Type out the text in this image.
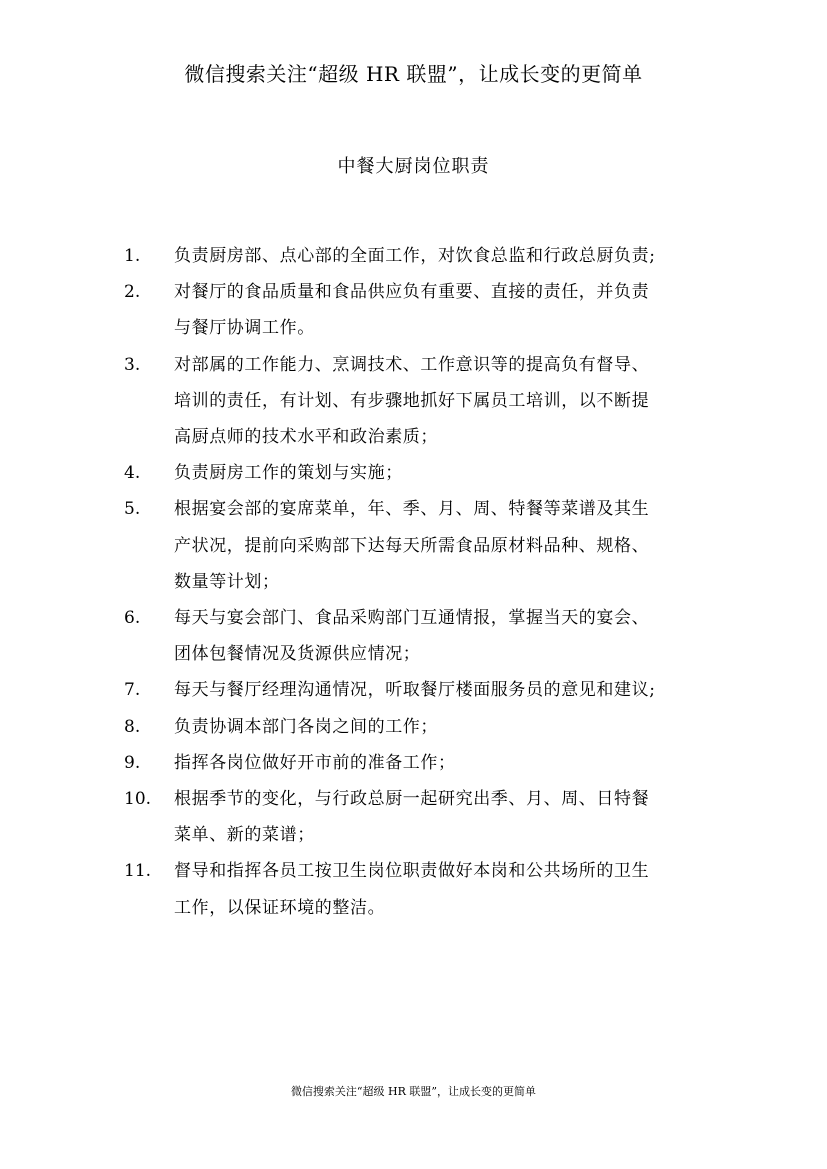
微信搜索关注“超级 HR 联盟”，让成长变的更简单
中餐大厨岗位职责
1.	负责厨房部、点心部的全面工作，对饮食总监和行政总厨负责;
2.	对餐厅的食品质量和食品供应负有重要、直接的责任，并负责
与餐厅协调工作。
3.	对部属的工作能力、烹调技术、工作意识等的提高负有督导、
培训的责任，有计划、有步骤地抓好下属员工培训，以不断提
高厨点师的技术水平和政治素质；
4.	负责厨房工作的策划与实施；
5.	根据宴会部的宴席菜单，年、季、月、周、特餐等菜谱及其生
产状况，提前向采购部下达每天所需食品原材料品种、规格、
数量等计划；
6.	每天与宴会部门、食品采购部门互通情报，掌握当天的宴会、
团体包餐情况及货源供应情况；
7.	每天与餐厅经理沟通情况，听取餐厅楼面服务员的意见和建议;
8.	负责协调本部门各岗之间的工作；
9.	指挥各岗位做好开市前的准备工作；
10.	根据季节的变化，与行政总厨一起研究出季、月、周、日特餐
菜单、新的菜谱；
11.	督导和指挥各员工按卫生岗位职责做好本岗和公共场所的卫生
工作，以保证环境的整洁。
微信搜索关注“超级 HR 联盟”，让成长变的更简单
